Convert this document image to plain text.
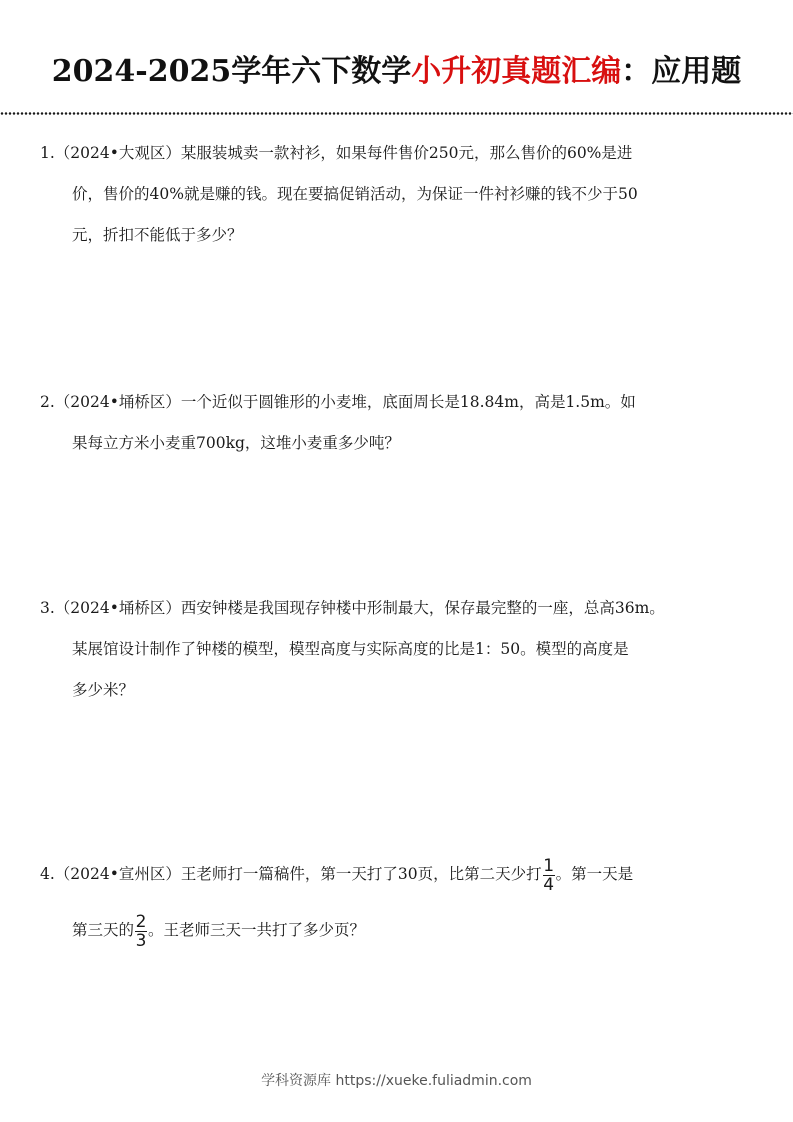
2024-2025学年六下数学小升初真题汇编：应用题
1.（2024•大观区）某服装城卖一款衬衫，如果每件售价250元，那么售价的60%是进
价，售价的40%就是赚的钱。现在要搞促销活动，为保证一件衬衫赚的钱不少于50
元，折扣不能低于多少？
2.（2024•埇桥区）一个近似于圆锥形的小麦堆，底面周长是18.84m，高是1.5m。如
果每立方米小麦重700kg，这堆小麦重多少吨？
3.（2024•埇桥区）西安钟楼是我国现存钟楼中形制最大，保存最完整的一座，总高36m。
某展馆设计制作了钟楼的模型，模型高度与实际高度的比是1：50。模型的高度是
多少米？
4.（2024•宣州区）王老师打一篇稿件，第一天打了30页，比第二天少打 $\frac{1}{4}$ 。第一天是
第三天的 $\frac{2}{3}$ 。王老师三天一共打了多少页？
学科资源库 https://xueke.fuliadmin.com
